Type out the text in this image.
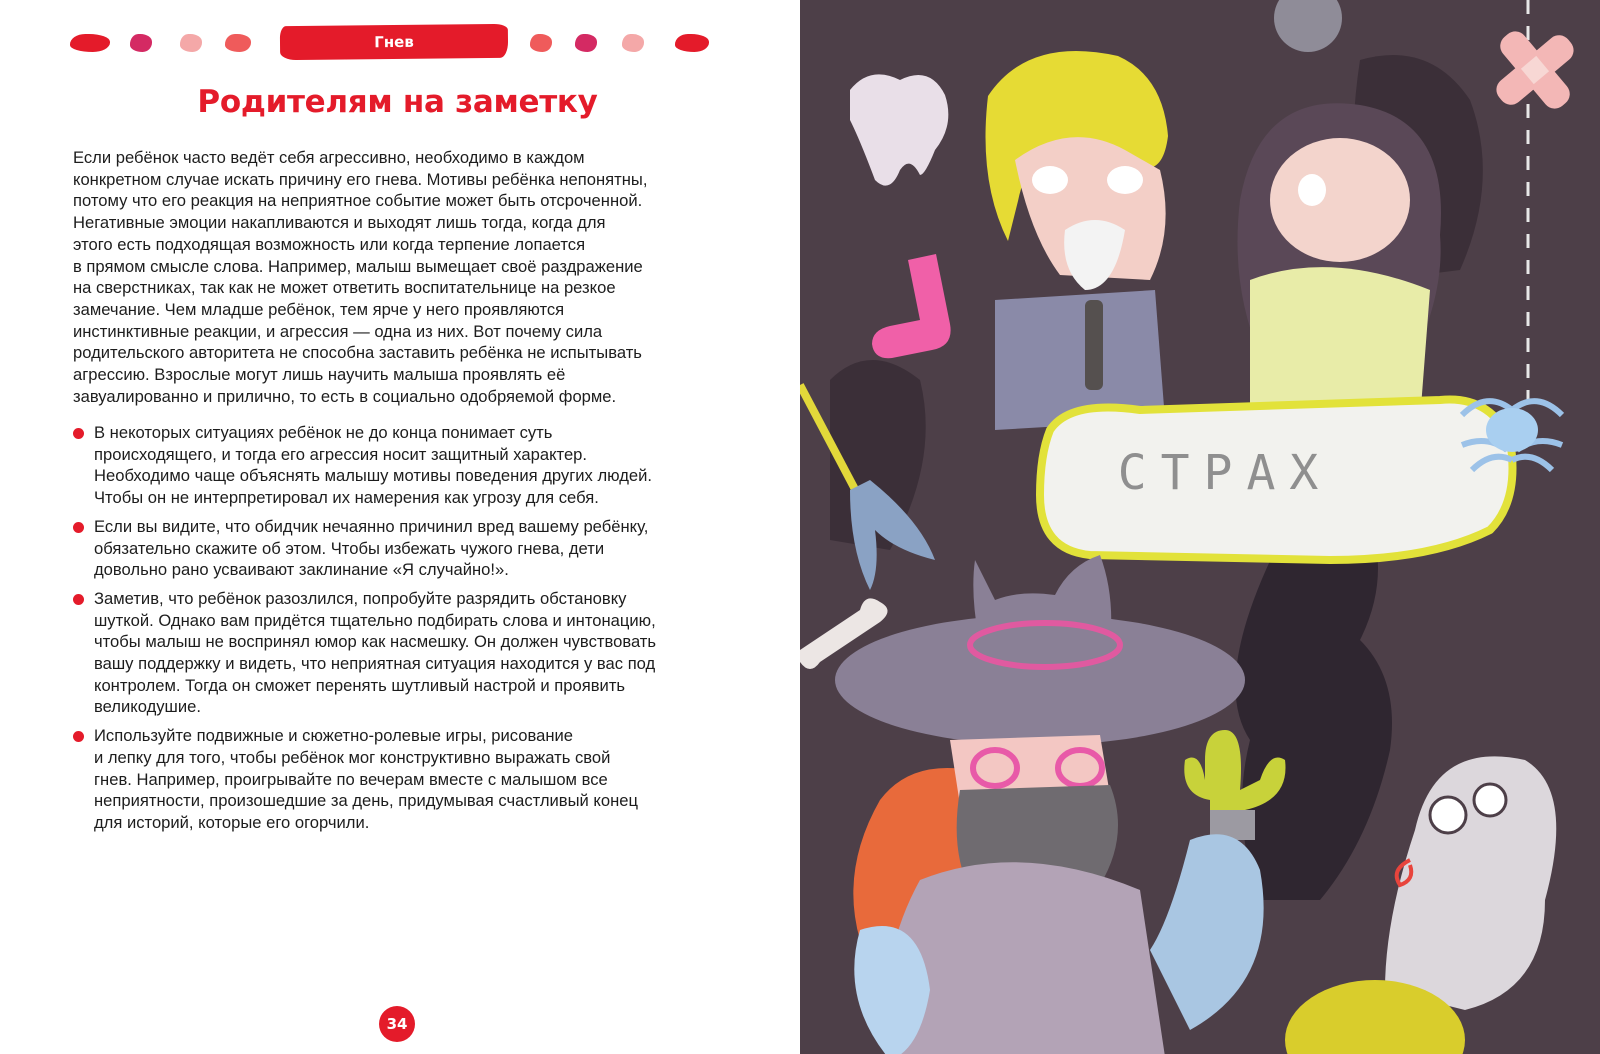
Гнев
Родителям на заметку

Если ребёнок часто ведёт себя агрессивно, необходимо в каждом
конкретном случае искать причину его гнева. Мотивы ребёнка непонятны,
потому что его реакция на неприятное событие может быть отсроченной.
Негативные эмоции накапливаются и выходят лишь тогда, когда для
этого есть подходящая возможность или когда терпение лопается
в прямом смысле слова. Например, малыш вымещает своё раздражение
на сверстниках, так как не может ответить воспитательнице на резкое
замечание. Чем младше ребёнок, тем ярче у него проявляются
инстинктивные реакции, и агрессия — одна из них. Вот почему сила
родительского авторитета не способна заставить ребёнка не испытывать
агрессию. Взрослые могут лишь научить малыша проявлять её
завуалированно и прилично, то есть в социально одобряемой форме.

В некоторых ситуациях ребёнок не до конца понимает суть
происходящего, и тогда его агрессия носит защитный характер.
Необходимо чаще объяснять малышу мотивы поведения других людей.
Чтобы он не интерпретировал их намерения как угрозу для себя.
Если вы видите, что обидчик нечаянно причинил вред вашему ребёнку,
обязательно скажите об этом. Чтобы избежать чужого гнева, дети
довольно рано усваивают заклинание «Я случайно!».
Заметив, что ребёнок разозлился, попробуйте разрядить обстановку
шуткой. Однако вам придётся тщательно подбирать слова и интонацию,
чтобы малыш не воспринял юмор как насмешку. Он должен чувствовать
вашу поддержку и видеть, что неприятная ситуация находится у вас под
контролем. Тогда он сможет перенять шутливый настрой и проявить
великодушие.
Используйте подвижные и сюжетно-ролевые игры, рисование
и лепку для того, чтобы ребёнок мог конструктивно выражать свой
гнев. Например, проигрывайте по вечерам вместе с малышом все
неприятности, произошедшие за день, придумывая счастливый конец
для историй, которые его огорчили.
34
СТРАХ
